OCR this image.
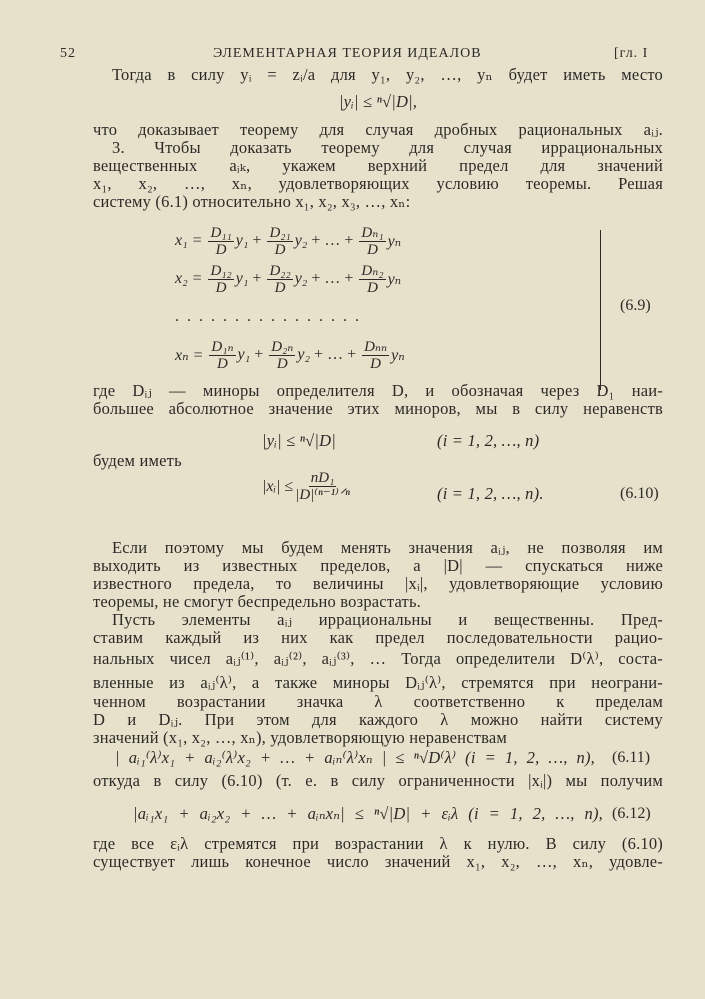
52	ЭЛЕМЕНТАРНАЯ ТЕОРИЯ ИДЕАЛОВ	[гл. I
Тогда в силу yᵢ = zᵢ/a для y₁, y₂, …, yₙ будет иметь место
|yᵢ| ≤ ⁿ√|D|,
что доказывает теорему для случая дробных рациональных aᵢⱼ.
3. Чтобы доказать теорему для случая иррациональных
вещественных aᵢₖ, укажем верхний предел для значений
x₁, x₂, …, xₙ, удовлетворяющих условию теоремы. Решая
систему (6.1) относительно x₁, x₂, x₃, …, xₙ:
$x_1 = \frac{\text{D₁₁}}{D} y_1 + \frac{\text{D₂₁}}{D} y_2$ + … + $\frac{\text{Dₙ₁}}{D}$ yₙ
$x_2 = \frac{\text{D₁₂}}{D} y_1 + \frac{\text{D₂₂}}{D} y_2$ + … + $\frac{\text{Dₙ₂}}{D}$ yₙ
. . . . . . . . . . . . . . . .
$x_n = \frac{\text{D₁ₙ}}{D} y_1 + \frac{\text{D₂ₙ}}{D} y_2$ + … + $\frac{\text{Dₙₙ}}{D}$ yₙ
(6.9)
где Dᵢⱼ — миноры определителя D, и обозначая через D₁ наи-
большее абсолютное значение этих миноров, мы в силу неравенств
|yᵢ| ≤ ⁿ√|D|	(i = 1, 2, …, n)
будем иметь
|xᵢ| ≤ $\frac{\text{nD₁}}{\text{|D|⁽ⁿ⁻¹⁾ᐟⁿ}}$	(i = 1, 2, …, n).	(6.10)
Если поэтому мы будем менять значения aᵢⱼ, не позволяя им
выходить из известных пределов, а |D| — спускаться ниже
известного предела, то величины |xᵢ|, удовлетворяющие условию
теоремы, не смогут беспредельно возрастать.
Пусть элементы aᵢⱼ иррациональны и вещественны. Пред-
ставим каждый из них как предел последовательности рацио-
нальных чисел aᵢⱼ⁽¹⁾, aᵢⱼ⁽²⁾, aᵢⱼ⁽³⁾, … Тогда определители D⁽λ⁾, соста-
вленные из aᵢⱼ⁽λ⁾, а также миноры Dᵢⱼ⁽λ⁾, стремятся при неограни-
ченном возрастании значка λ соответственно к пределам
D и Dᵢⱼ. При этом для каждого λ можно найти систему
значений (x₁, x₂, …, xₙ), удовлетворяющую неравенствам
| aᵢ₁⁽λ⁾x₁ + aᵢ₂⁽λ⁾x₂ + … + aᵢₙ⁽λ⁾xₙ | ≤ ⁿ√D⁽λ⁾ (i = 1, 2, …, n), (6.11)
откуда в силу (6.10) (т. е. в силу ограниченности |xᵢ|) мы получим
|aᵢ₁x₁ + aᵢ₂x₂ + … + aᵢₙxₙ| ≤ ⁿ√|D| + εᵢλ (i = 1, 2, …, n), (6.12)
где все εᵢλ стремятся при возрастании λ к нулю. В силу (6.10)
существует лишь конечное число значений x₁, x₂, …, xₙ, удовле-
